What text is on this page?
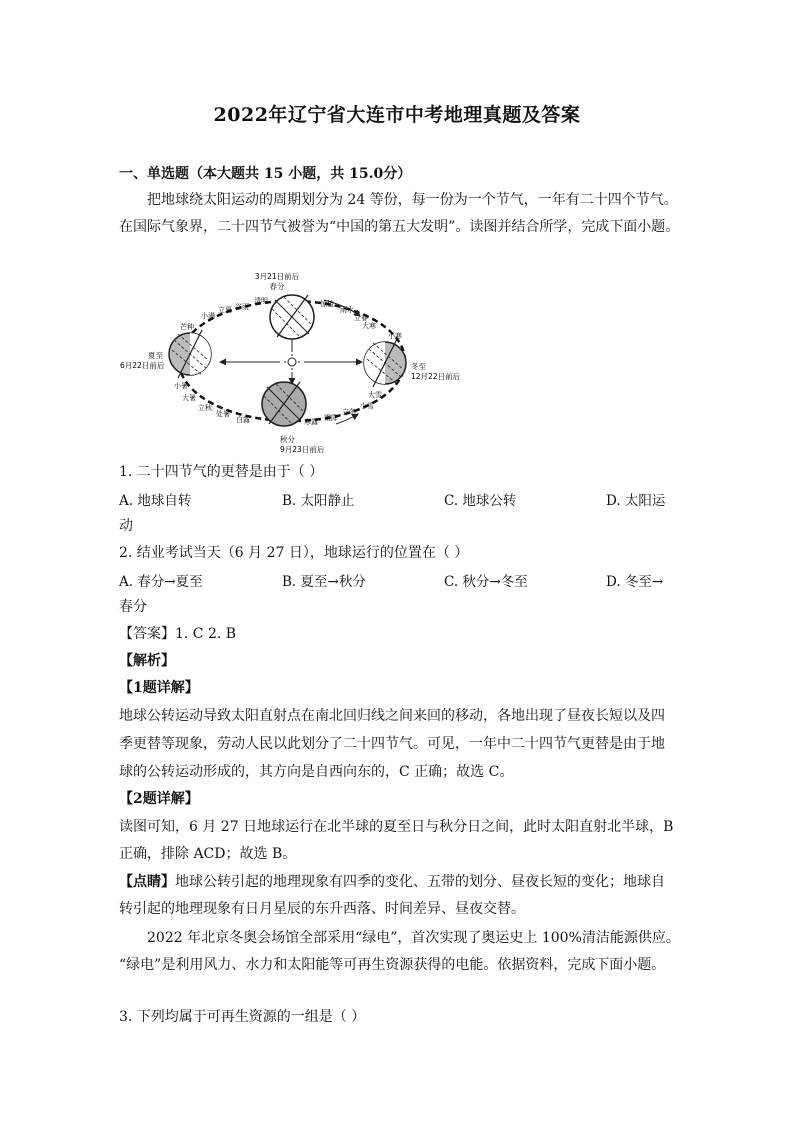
2022年辽宁省大连市中考地理真题及答案
一、单选题（本大题共 15 小题，共 15.0分）
把地球绕太阳运动的周期划分为 24 等份，每一份为一个节气，一年有二十四个节气。
在国际气象界，二十四节气被誉为“中国的第五大发明”。读图并结合所学，完成下面小题。
3月21日前后
春分
夏至
6月22日前后	冬至
12月22日前后
秋分
9月23日前后
清明
谷雨
立夏
小满
芒种
惊蛰
雨水
立春
大寒
小寒
小暑
大暑
立秋
处暑
白露	寒露 霜降
立冬
小雪
大雪
1. 二十四节气的更替是由于（ ）
A. 地球自转	B. 太阳静止	C. 地球公转	D. 太阳运
动
2. 结业考试当天（6 月 27 日），地球运行的位置在（ ）
A. 春分→夏至	B. 夏至→秋分	C. 秋分→冬至	D. 冬至→
春分
【答案】1. C 2. B
【解析】
【1题详解】
地球公转运动导致太阳直射点在南北回归线之间来回的移动，各地出现了昼夜长短以及四
季更替等现象，劳动人民以此划分了二十四节气。可见，一年中二十四节气更替是由于地
球的公转运动形成的，其方向是自西向东的，C 正确；故选 C。
【2题详解】
读图可知，6 月 27 日地球运行在北半球的夏至日与秋分日之间，此时太阳直射北半球，B
正确，排除 ACD；故选 B。
【点睛】地球公转引起的地理现象有四季的变化、五带的划分、昼夜长短的变化；地球自
转引起的地理现象有日月星辰的东升西落、时间差异、昼夜交替。
2022 年北京冬奥会场馆全部采用“绿电”，首次实现了奥运史上 100%清洁能源供应。
“绿电”是利用风力、水力和太阳能等可再生资源获得的电能。依据资料，完成下面小题。
3. 下列均属于可再生资源的一组是（ ）
